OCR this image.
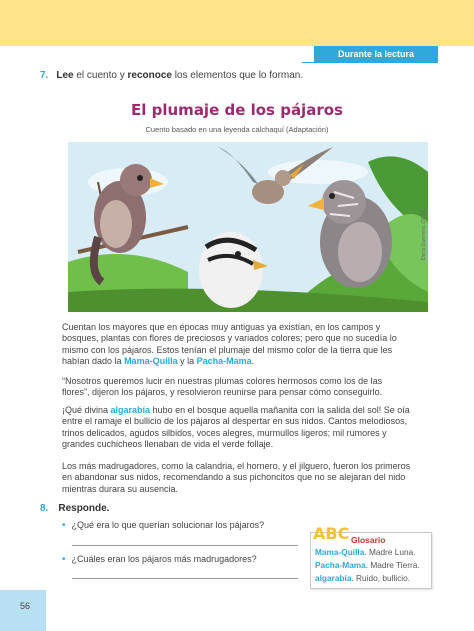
Durante la lectura
7. Lee el cuento y reconoce los elementos que lo forman.
El plumaje de los pájaros
Cuento basado en una leyenda calchaquí (Adaptación)
Darío Guerrero, (2023)

Cuentan los mayores que en épocas muy antiguas ya existían, en los campos y bosques, plantas con flores de preciosos y variados colores; pero que no sucedía lo mismo con los pájaros. Estos tenían el plumaje del mismo color de la tierra que les habían dado la Mama-Quilla y la Pacha-Mama.

“Nosotros queremos lucir en nuestras plumas colores hermosos como los de las flores”, dijeron los pájaros, y resolvieron reunirse para pensar cómo conseguirlo.

¡Qué divina algarabía hubo en el bosque aquella mañanita con la salida del sol! Se oía entre el ramaje el bullicio de los pájaros al despertar en sus nidos. Cantos melodiosos, trinos delicados, agudos silbidos, voces alegres, murmullos ligeros; mil rumores y grandes cuchicheos llenaban de vida el verde follaje.

Los más madrugadores, como la calandria, el hornero, y el jilguero, fueron los primeros en abandonar sus nidos, recomendando a sus pichoncitos que no se alejaran del nido mientras durara su ausencia.

8. Responde.
• ¿Qué era lo que querían solucionar los pájaros?
• ¿Cuáles eran los pájaros más madrugadores?
ABC Glosario
Mama-Quilla. Madre Luna.
Pacha-Mama. Madre Tierra.
algarabía. Ruido, bullicio.
56
